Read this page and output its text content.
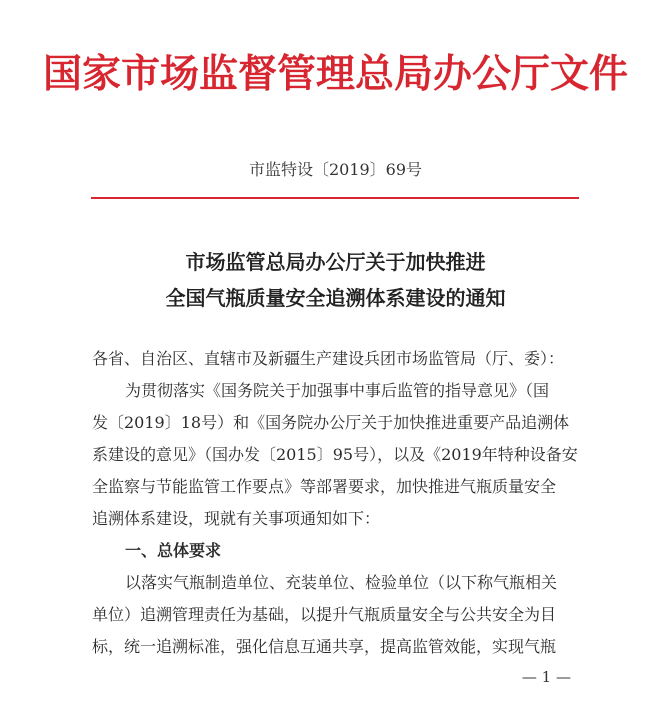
国家市场监督管理总局办公厅文件
市监特设〔2019〕69号
市场监管总局办公厅关于加快推进
全国气瓶质量安全追溯体系建设的通知
各省、自治区、直辖市及新疆生产建设兵团市场监管局（厅、委）：
为贯彻落实《国务院关于加强事中事后监管的指导意见》（国
发〔2019〕18号）和《国务院办公厅关于加快推进重要产品追溯体
系建设的意见》（国办发〔2015〕95号），以及《2019年特种设备安
全监察与节能监管工作要点》等部署要求，加快推进气瓶质量安全
追溯体系建设，现就有关事项通知如下：
一、总体要求
以落实气瓶制造单位、充装单位、检验单位（以下称气瓶相关
单位）追溯管理责任为基础，以提升气瓶质量安全与公共安全为目
标，统一追溯标准，强化信息互通共享，提高监管效能，实现气瓶
— 1 —
